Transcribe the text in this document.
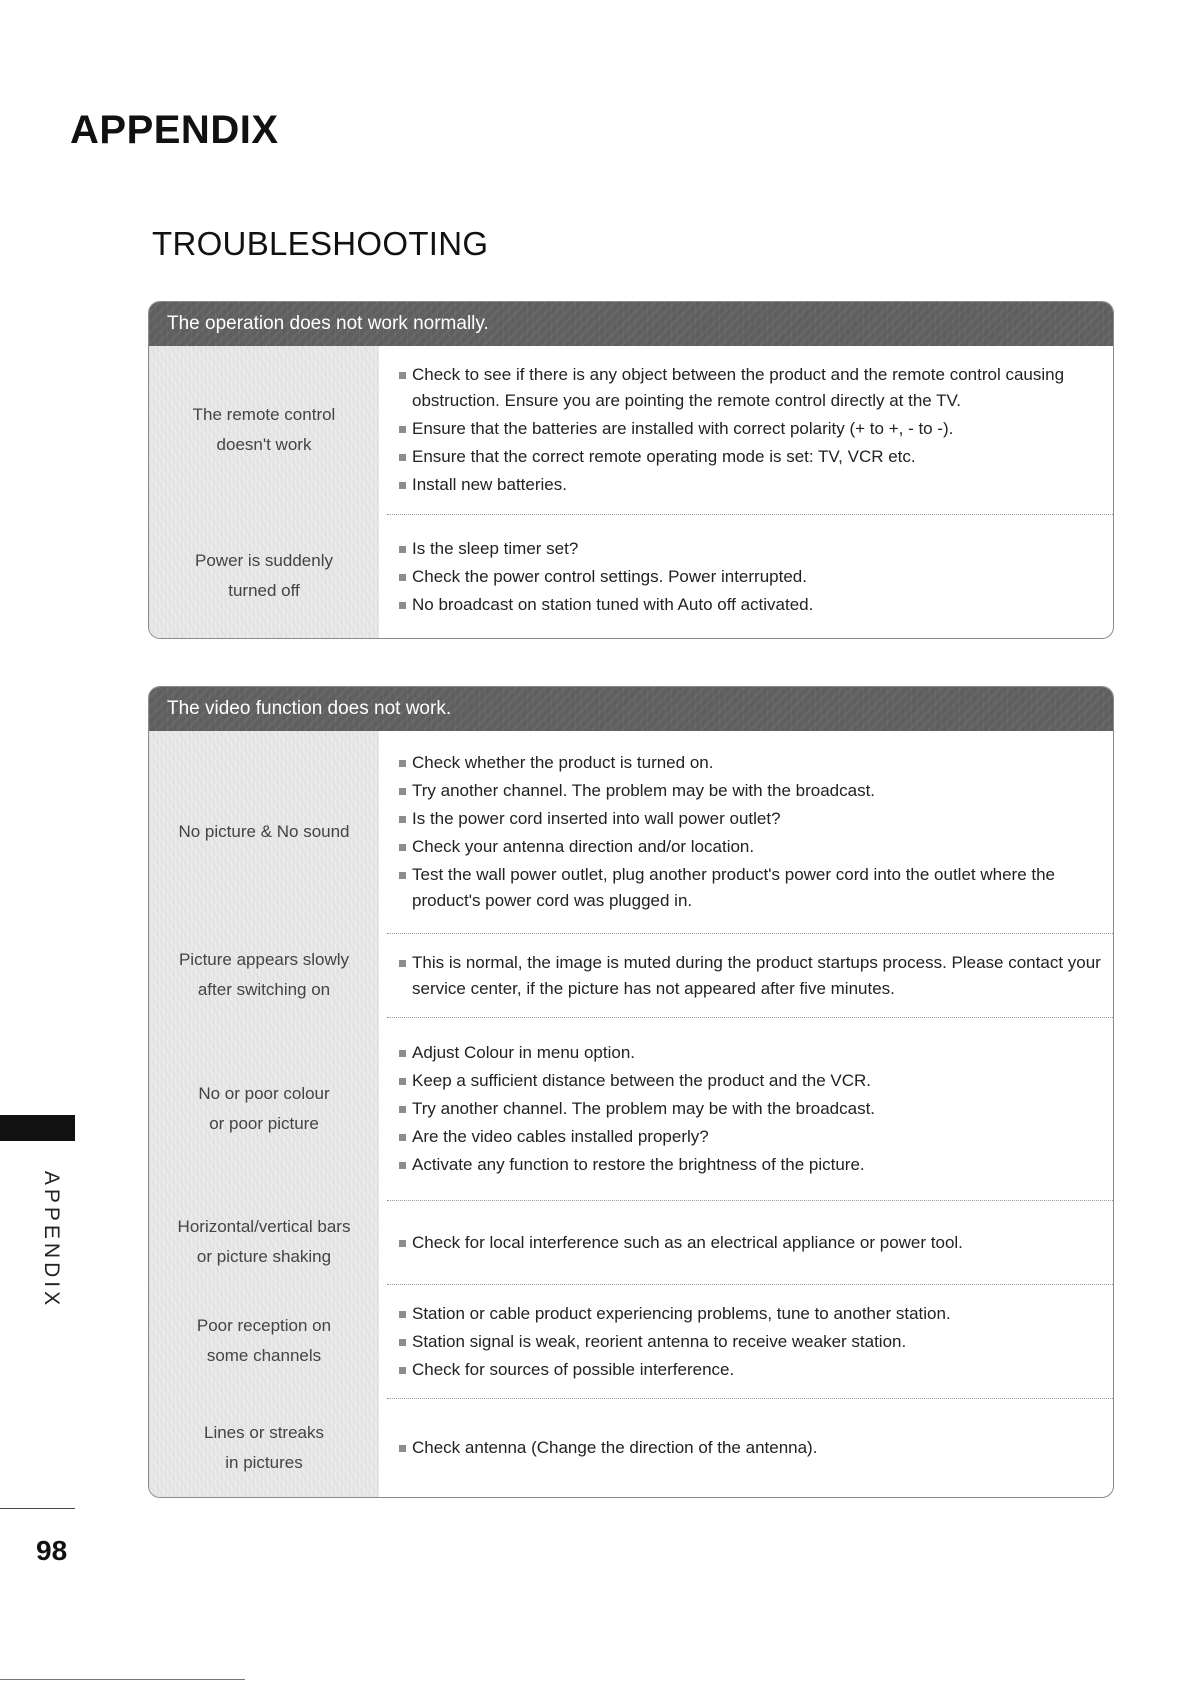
APPENDIX
TROUBLESHOOTING
The operation does not work normally.
The remote control
doesn't work
Check to see if there is any object between the product and the remote control causing obstruction. Ensure you are pointing the remote control directly at the TV.
Ensure that the batteries are installed with correct polarity (+ to +, - to -).
Ensure that the correct remote operating mode is set: TV, VCR etc.
Install new batteries.
Power is suddenly
turned off
Is the sleep timer set?
Check the power control settings. Power interrupted.
No broadcast on station tuned with Auto off activated.
The video function does not work.
No picture & No sound
Check whether the product is turned on.
Try another channel. The problem may be with the broadcast.
Is the power cord inserted into wall power outlet?
Check your antenna direction and/or location.
Test the wall power outlet, plug another product's power cord into the outlet where the product's power cord was plugged in.
Picture appears slowly
after switching on
This is normal, the image is muted during the product startups process. Please contact your service center, if the picture has not appeared after five minutes.
No or poor colour
or poor picture
Adjust Colour in menu option.
Keep a sufficient distance between the product and the VCR.
Try another channel. The problem may be with the broadcast.
Are the video cables installed properly?
Activate any function to restore the brightness of the picture.
Horizontal/vertical bars
or picture shaking
Check for local interference such as an electrical appliance or power tool.
Poor reception on
some channels
Station or cable product experiencing problems, tune to another station.
Station signal is weak, reorient antenna to receive weaker station.
Check for sources of possible interference.
Lines or streaks
in pictures
Check antenna (Change the direction of the antenna).
APPENDIX
98
